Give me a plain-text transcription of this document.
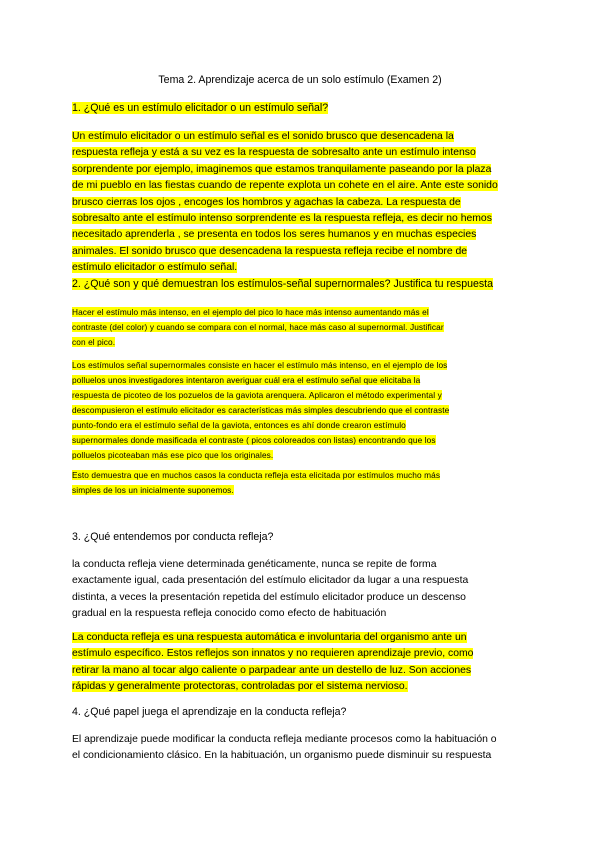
Tema 2. Aprendizaje acerca de un solo estímulo (Examen 2)
1. ¿Qué es un estímulo elicitador o un estímulo señal?
Un estímulo elicitador o un estímulo señal es el sonido brusco que desencadena la
respuesta refleja y está a su vez es la respuesta de sobresalto ante un estímulo intenso
sorprendente por ejemplo, imaginemos que estamos tranquilamente paseando por la plaza
de mi pueblo en las fiestas cuando de repente explota un cohete en el aire. Ante este sonido
brusco cierras los ojos , encoges los hombros y agachas la cabeza. La respuesta de
sobresalto ante el estímulo intenso sorprendente es la respuesta refleja, es decir no hemos
necesitado aprenderla , se presenta en todos los seres humanos y en muchas especies
animales. El sonido brusco que desencadena la respuesta refleja recibe el nombre de
estímulo elicitador o estímulo señal.
2. ¿Qué son y qué demuestran los estímulos-señal supernormales? Justifica tu respuesta
Hacer el estímulo más intenso, en el ejemplo del pico lo hace más intenso aumentando más el
contraste (del color) y cuando se compara con el normal, hace más caso al supernormal. Justificar
con el pico.
Los estímulos señal supernormales consiste en hacer el estímulo más intenso, en el ejemplo de los
polluelos unos investigadores intentaron averiguar cuál era el estímulo señal que elicitaba la
respuesta de picoteo de los pozuelos de la gaviota arenquera. Aplicaron el método experimental y
descompusieron el estímulo elicitador es características más simples descubriendo que el contraste
punto-fondo era el estímulo señal de la gaviota, entonces es ahí donde crearon estímulo
supernormales donde masificada el contraste ( picos coloreados con listas) encontrando que los
polluelos picoteaban más ese pico que los originales.
Esto demuestra que en muchos casos la conducta refleja esta elicitada por estímulos mucho más
simples de los un inicialmente suponemos.
3. ¿Qué entendemos por conducta refleja?
la conducta refleja viene determinada genéticamente, nunca se repite de forma
exactamente igual, cada presentación del estímulo elicitador da lugar a una respuesta
distinta, a veces la presentación repetida del estímulo elicitador produce un descenso
gradual en la respuesta refleja conocido como efecto de habituación
La conducta refleja es una respuesta automática e involuntaria del organismo ante un
estímulo específico. Estos reflejos son innatos y no requieren aprendizaje previo, como
retirar la mano al tocar algo caliente o parpadear ante un destello de luz. Son acciones
rápidas y generalmente protectoras, controladas por el sistema nervioso.
4. ¿Qué papel juega el aprendizaje en la conducta refleja?
El aprendizaje puede modificar la conducta refleja mediante procesos como la habituación o
el condicionamiento clásico. En la habituación, un organismo puede disminuir su respuesta
